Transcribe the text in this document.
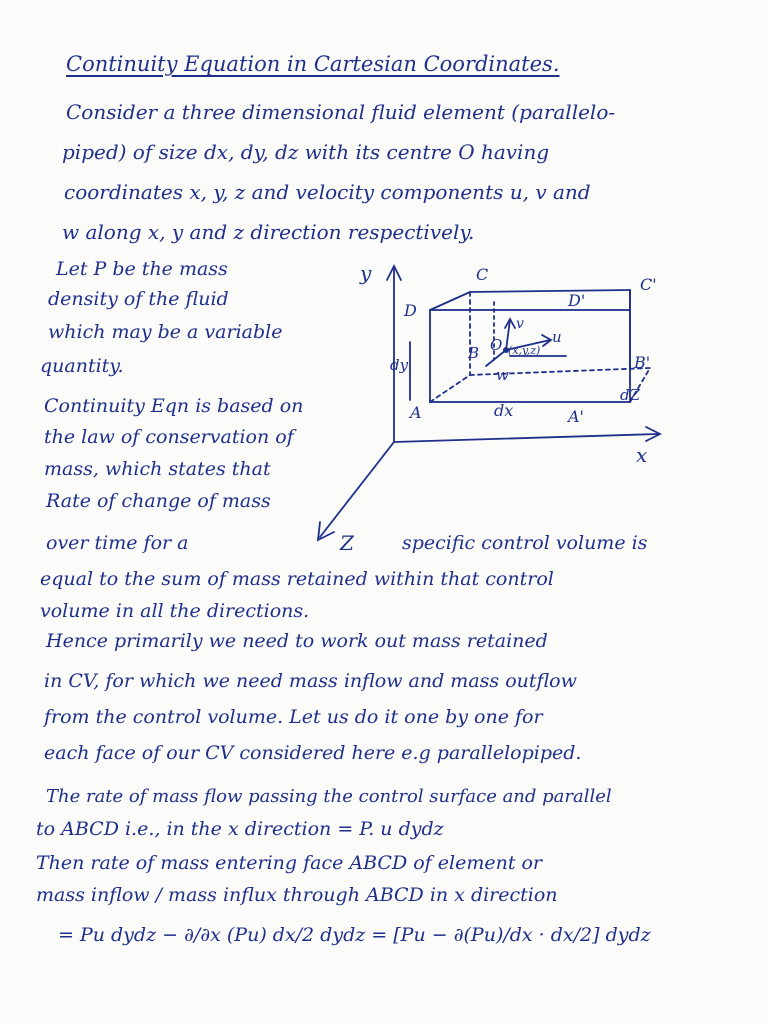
Continuity Equation in Cartesian Coordinates.
Consider a three dimensional fluid element (parallelo-
piped) of size dx, dy, dz with its centre O having
coordinates x, y, z and velocity components u, v and
w along x, y and z direction respectively.
Let P be the mass
density of the fluid
which may be a variable
quantity.
Continuity Eqn is based on
the law of conservation of
mass, which states that
Rate of change of mass
over time for a	specific control volume is
equal to the sum of mass retained within that control
volume in all the directions.
Hence primarily we need to work out mass retained
in CV, for which we need mass inflow and mass outflow
from the control volume. Let us do it one by one for
each face of our CV considered here e.g parallelopiped.
The rate of mass flow passing the control surface and parallel
to ABCD i.e., in the x direction = P. u dydz
Then rate of mass entering face ABCD of element or
mass inflow / mass influx through ABCD in x direction
= Pu dydz − ∂/∂x (Pu) dx/2 dydz = [Pu − ∂(Pu)/dx · dx/2] dydz
y
x
Z
C
C'
D
D'
B	B'
A	A'
O (x,y,z)
u
v
w
dx
dy
dZ
